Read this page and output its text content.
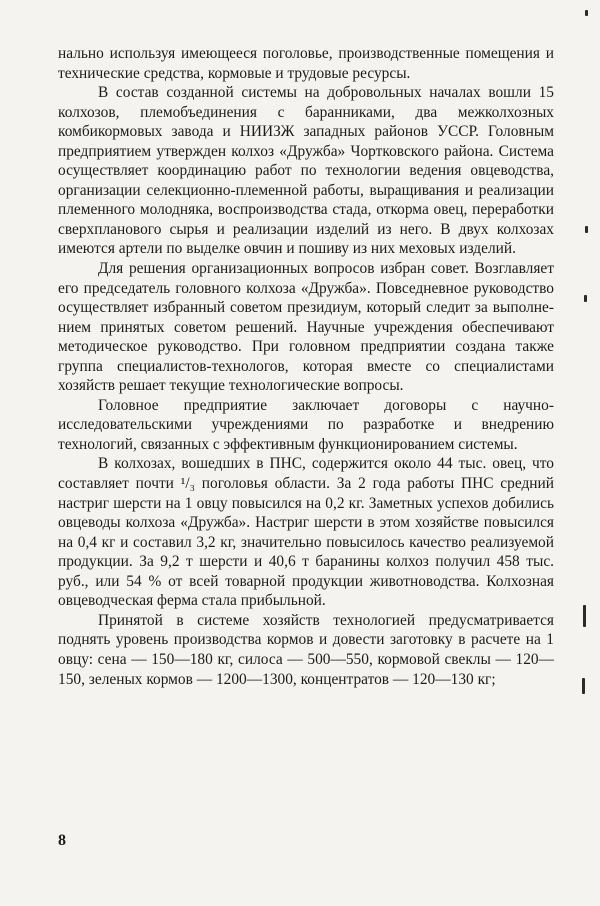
нально используя имеющееся поголовье, производственные помещения и технические средства, кормовые и трудовые ресурсы.

В состав созданной системы на добровольных началах вошли 15 колхозов, племобъединения с баранниками, два межколхозных комбикормовых завода и НИИЗЖ западных районов УССР. Головным предприятием утвержден колхоз «Дружба» Чортковского района. Система осуществляет координацию работ по технологии ведения овцеводства, организации селекционно-племенной работы, выращивания и реализации племенного молодняка, воспроизводства стада, откорма овец, переработки сверхпланового сырья и реализации изделий из него. В двух колхозах имеются артели по выделке овчин и пошиву из них меховых изделий.

Для решения организационных вопросов избран совет. Возглавляет его председатель головного колхоза «Дружба». Повседневное руководство осуществляет избранный советом президиум, который следит за выполнением принятых советом решений. Научные учреждения обеспечивают методическое руководство. При головном предприятии создана также группа специалистов-технологов, которая вместе со специалистами хозяйств решает текущие технологические вопросы.

Головное предприятие заключает договоры с научноисследовательскими учреждениями по разработке и внедрению технологий, связанных с эффективным функционированием системы.

В колхозах, вошедших в ПНС, содержится около 44 тыс. овец, что составляет почти ¹/₃ поголовья области. За 2 года работы ПНС средний настриг шерсти на 1 овцу повысился на 0,2 кг. Заметных успехов добились овцеводы колхоза «Дружба». Настриг шерсти в этом хозяйстве повысился на 0,4 кг и составил 3,2 кг, значительно повысилось качество реализуемой продукции. За 9,2 т шерсти и 40,6 т баранины колхоз получил 458 тыс. руб., или 54 % от всей товарной продукции животноводства. Колхозная овцеводческая ферма стала прибыльной.

Принятой в системе хозяйств технологией предусматривается поднять уровень производства кормов и довести заготовку в расчете на 1 овцу: сена — 150—180 кг, силоса — 500—550, кормовой свеклы — 120—150, зеленых кормов — 1200—1300, концентратов — 120—130 кг;

8
